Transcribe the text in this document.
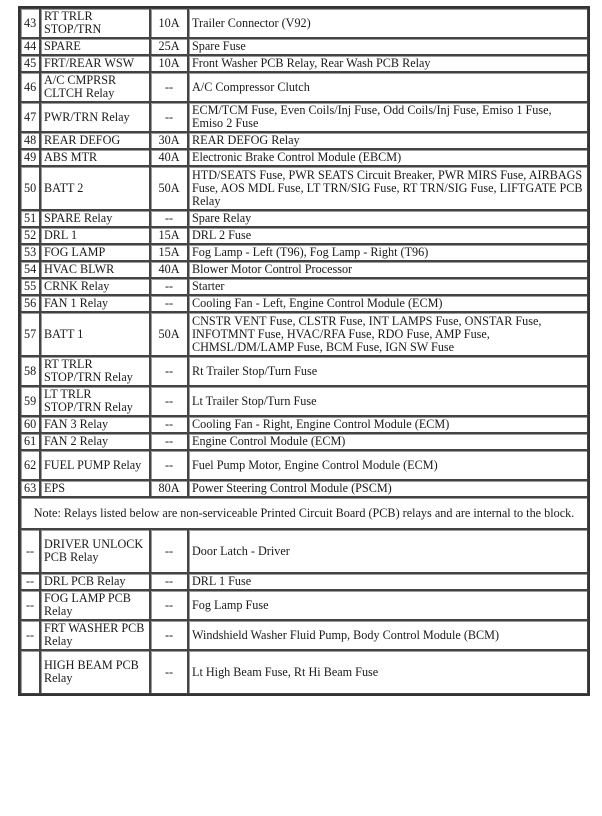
43	RT TRLR STOP/TRN	10A	Trailer Connector (V92)
44	SPARE	25A	Spare Fuse
45	FRT/REAR WSW	10A	Front Washer PCB Relay, Rear Wash PCB Relay
46	A/C CMPRSR CLTCH Relay	--	A/C Compressor Clutch
47	PWR/TRN Relay	--	ECM/TCM Fuse, Even Coils/Inj Fuse, Odd Coils/Inj Fuse, Emiso 1 Fuse, Emiso 2 Fuse
48	REAR DEFOG	30A	REAR DEFOG Relay
49	ABS MTR	40A	Electronic Brake Control Module (EBCM)
50	BATT 2	50A	HTD/SEATS Fuse, PWR SEATS Circuit Breaker, PWR MIRS Fuse, AIRBAGS Fuse, AOS MDL Fuse, LT TRN/SIG Fuse, RT TRN/SIG Fuse, LIFTGATE PCB Relay
51	SPARE Relay	--	Spare Relay
52	DRL 1	15A	DRL 2 Fuse
53	FOG LAMP	15A	Fog Lamp - Left (T96), Fog Lamp - Right (T96)
54	HVAC BLWR	40A	Blower Motor Control Processor
55	CRNK Relay	--	Starter
56	FAN 1 Relay	--	Cooling Fan - Left, Engine Control Module (ECM)
57	BATT 1	50A	CNSTR VENT Fuse, CLSTR Fuse, INT LAMPS Fuse, ONSTAR Fuse, INFOTMNT Fuse, HVAC/RFA Fuse, RDO Fuse, AMP Fuse, CHMSL/DM/LAMP Fuse, BCM Fuse, IGN SW Fuse
58	RT TRLR STOP/TRN Relay	--	Rt Trailer Stop/Turn Fuse
59	LT TRLR STOP/TRN Relay	--	Lt Trailer Stop/Turn Fuse
60	FAN 3 Relay	--	Cooling Fan - Right, Engine Control Module (ECM)
61	FAN 2 Relay	--	Engine Control Module (ECM)
62	FUEL PUMP Relay	--	Fuel Pump Motor, Engine Control Module (ECM)
63	EPS	80A	Power Steering Control Module (PSCM)
Note: Relays listed below are non-serviceable Printed Circuit Board (PCB) relays and are internal to the block.			
--	DRIVER UNLOCK PCB Relay	--	Door Latch - Driver
--	DRL PCB Relay	--	DRL 1 Fuse
--	FOG LAMP PCB Relay	--	Fog Lamp Fuse
--	FRT WASHER PCB Relay	--	Windshield Washer Fluid Pump, Body Control Module (BCM)
	HIGH BEAM PCB Relay	--	Lt High Beam Fuse, Rt Hi Beam Fuse
